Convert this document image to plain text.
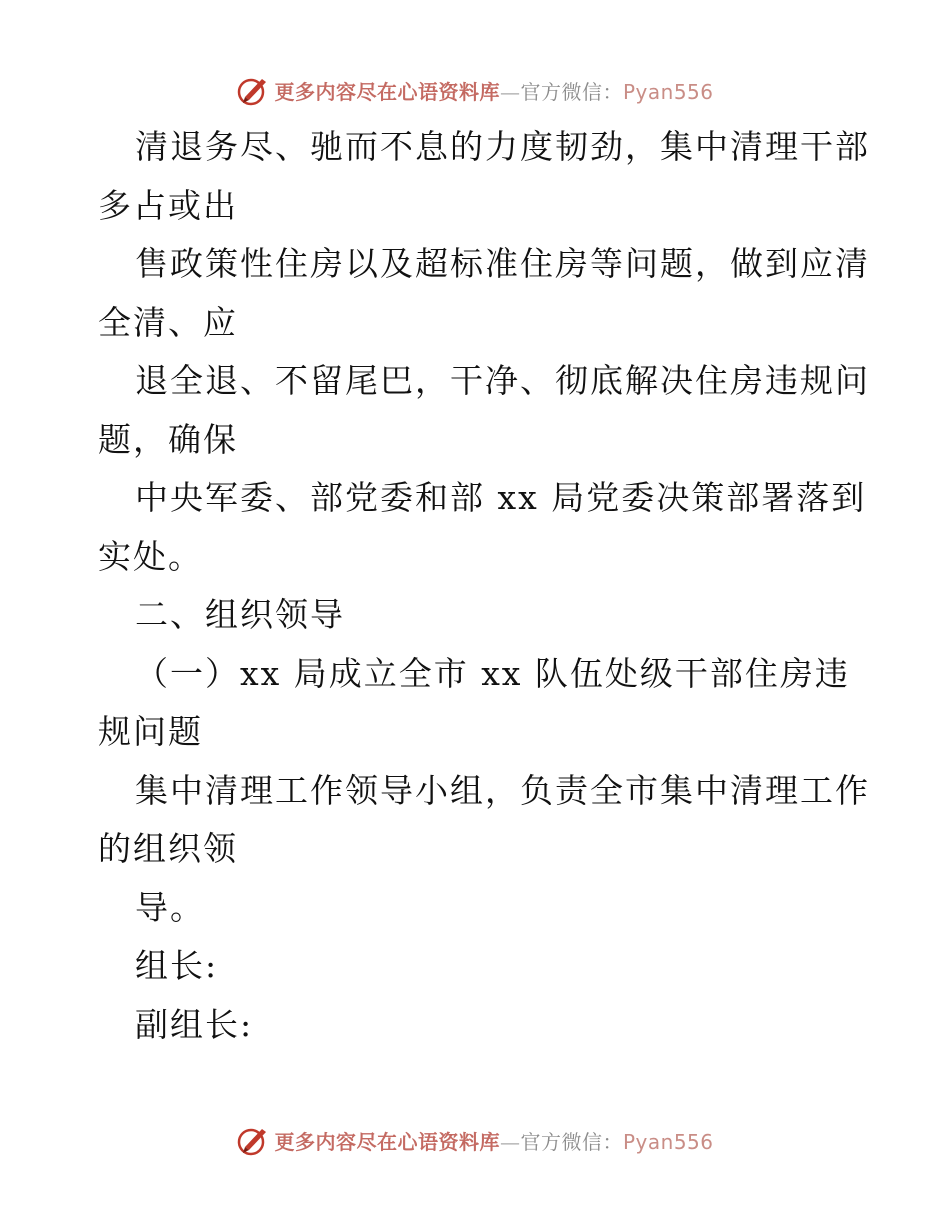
更多内容尽在心语资料库—官方微信：Pyan556
清退务尽、驰而不息的力度韧劲，集中清理干部
多占或出
售政策性住房以及超标准住房等问题，做到应清
全清、应
退全退、不留尾巴，干净、彻底解决住房违规问
题，确保
中央军委、部党委和部 xx 局党委决策部署落到
实处。
二、组织领导
（一）xx 局成立全市 xx 队伍处级干部住房违
规问题
集中清理工作领导小组，负责全市集中清理工作
的组织领
导。
组长:
副组长:
更多内容尽在心语资料库—官方微信：Pyan556
